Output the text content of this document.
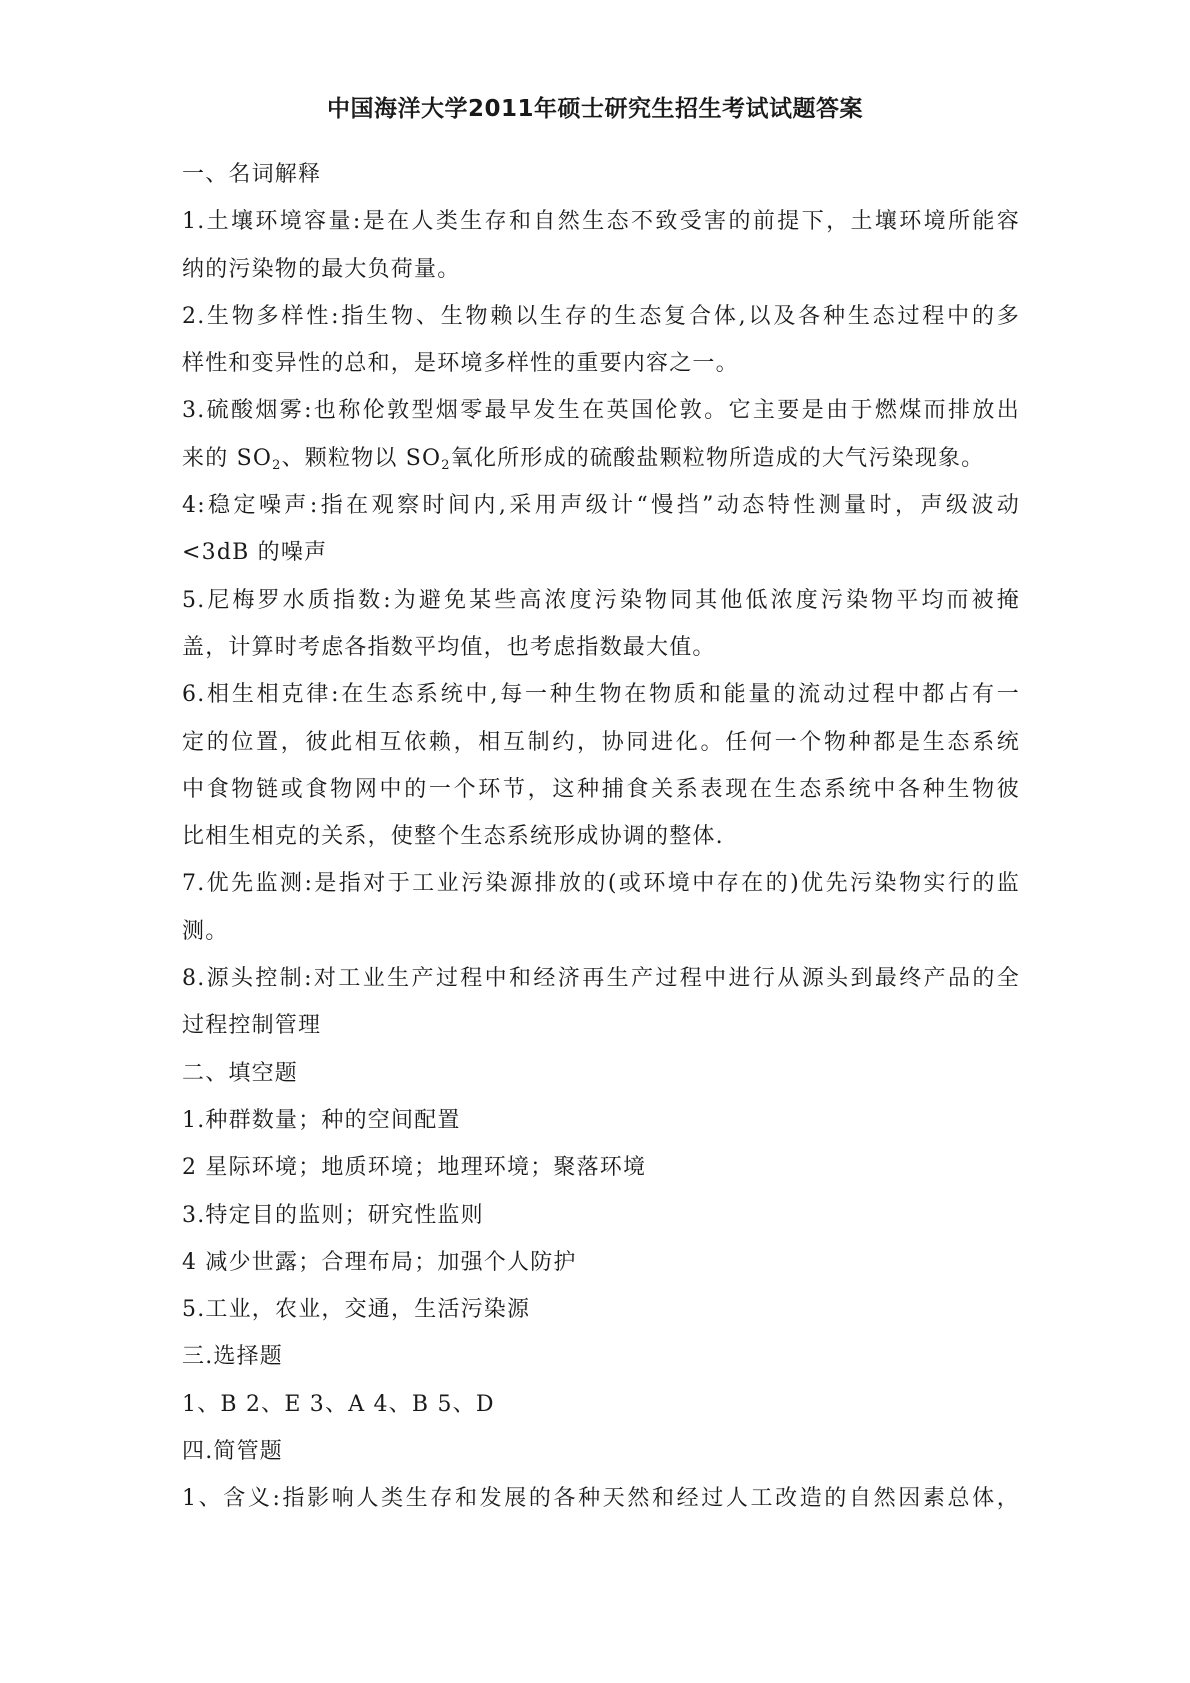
中国海洋大学2011年硕士研究生招生考试试题答案
一、名词解释
1.土壤环境容量:是在人类生存和自然生态不致受害的前提下，土壤环境所能容
纳的污染物的最大负荷量。
2.生物多样性:指生物、生物赖以生存的生态复合体,以及各种生态过程中的多
样性和变异性的总和，是环境多样性的重要内容之一。
3.硫酸烟雾:也称伦敦型烟零最早发生在英国伦敦。它主要是由于燃煤而排放出
来的 $SO_2$、颗粒物以 $SO_2$氧化所形成的硫酸盐颗粒物所造成的大气污染现象。
4:稳定噪声:指在观察时间内,采用声级计“慢挡”动态特性测量时，声级波动
<3dB 的噪声
5.尼梅罗水质指数:为避免某些高浓度污染物同其他低浓度污染物平均而被掩
盖，计算时考虑各指数平均值，也考虑指数最大值。
6.相生相克律:在生态系统中,每一种生物在物质和能量的流动过程中都占有一
定的位置，彼此相互依赖，相互制约，协同进化。任何一个物种都是生态系统
中食物链或食物网中的一个环节，这种捕食关系表现在生态系统中各种生物彼
比相生相克的关系，使整个生态系统形成协调的整体.
7.优先监测:是指对于工业污染源排放的(或环境中存在的)优先污染物实行的监
测。
8.源头控制:对工业生产过程中和经济再生产过程中进行从源头到最终产品的全
过程控制管理
二、填空题
1.种群数量；种的空间配置
2 星际环境；地质环境；地理环境；聚落环境
3.特定目的监则；研究性监则
4 减少世露；合理布局；加强个人防护
5.工业，农业，交通，生活污染源
三.选择题
1、B 2、E 3、A 4、B 5、D
四.简管题
1、含义:指影响人类生存和发展的各种天然和经过人工改造的自然因素总体，
